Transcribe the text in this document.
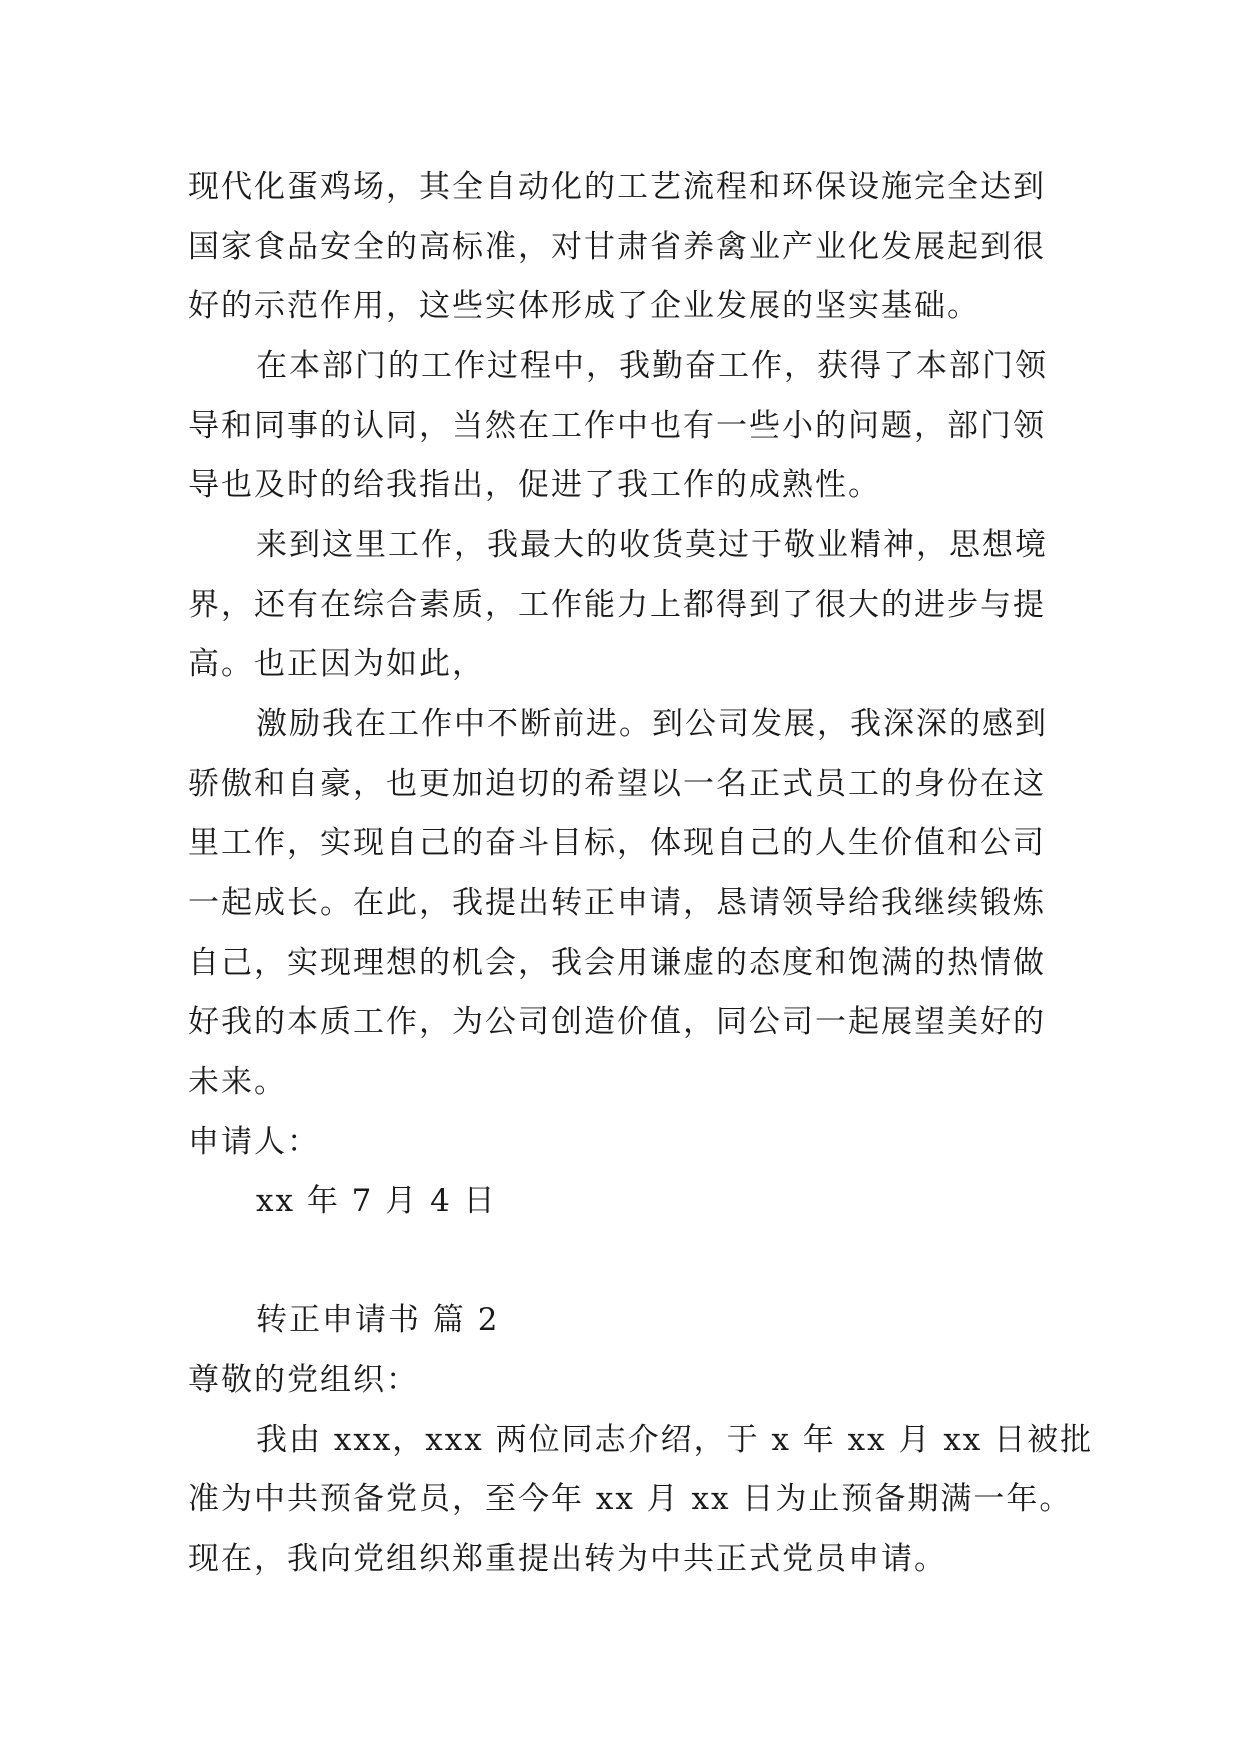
现代化蛋鸡场，其全自动化的工艺流程和环保设施完全达到
国家食品安全的高标准，对甘肃省养禽业产业化发展起到很
好的示范作用，这些实体形成了企业发展的坚实基础。
在本部门的工作过程中，我勤奋工作，获得了本部门领
导和同事的认同，当然在工作中也有一些小的问题，部门领
导也及时的给我指出，促进了我工作的成熟性。
来到这里工作，我最大的收货莫过于敬业精神，思想境
界，还有在综合素质，工作能力上都得到了很大的进步与提
高。也正因为如此，
激励我在工作中不断前进。到公司发展，我深深的感到
骄傲和自豪，也更加迫切的希望以一名正式员工的身份在这
里工作，实现自己的奋斗目标，体现自己的人生价值和公司
一起成长。在此，我提出转正申请，恳请领导给我继续锻炼
自己，实现理想的机会，我会用谦虚的态度和饱满的热情做
好我的本质工作，为公司创造价值，同公司一起展望美好的
未来。
申请人：
xx 年 7 月 4 日
转正申请书 篇 2
尊敬的党组织：
我由 xxx，xxx 两位同志介绍，于 x 年 xx 月 xx 日被批
准为中共预备党员，至今年 xx 月 xx 日为止预备期满一年。
现在，我向党组织郑重提出转为中共正式党员申请。
